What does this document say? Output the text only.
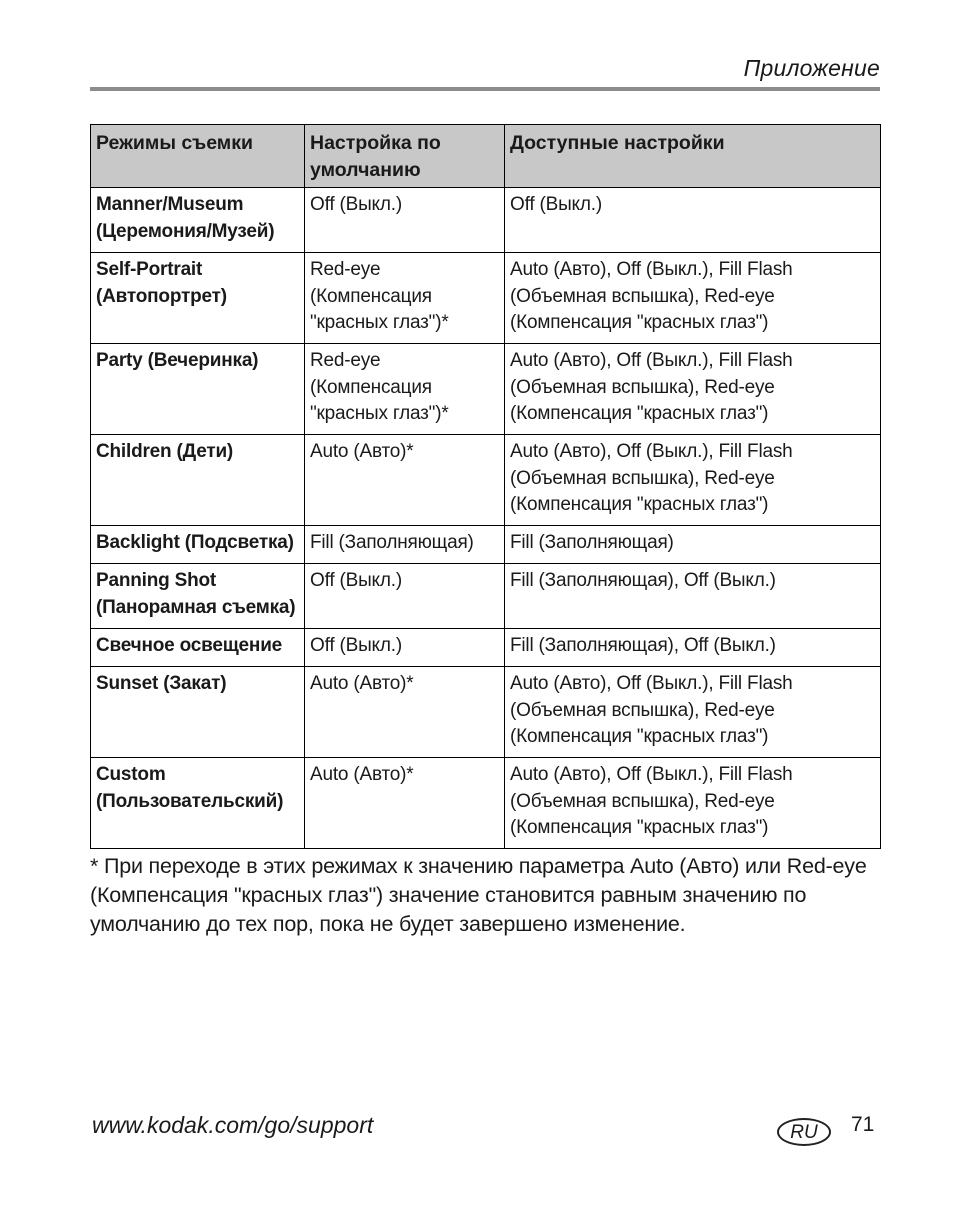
Приложение
Режимы съемки	Настройка по умолчанию	Доступные настройки
Manner/Museum (Церемония/Музей)	Off (Выкл.)	Off (Выкл.)
Self-Portrait (Автопортрет)	Red-eye (Компенсация "красных глаз")*	Auto (Авто), Off (Выкл.), Fill Flash (Объемная вспышка), Red-eye (Компенсация "красных глаз")
Party (Вечеринка)	Red-eye (Компенсация "красных глаз")*	Auto (Авто), Off (Выкл.), Fill Flash (Объемная вспышка), Red-eye (Компенсация "красных глаз")
Children (Дети)	Auto (Авто)*	Auto (Авто), Off (Выкл.), Fill Flash (Объемная вспышка), Red-eye (Компенсация "красных глаз")
Backlight (Подсветка)	Fill (Заполняющая)	Fill (Заполняющая)
Panning Shot (Панорамная съемка)	Off (Выкл.)	Fill (Заполняющая), Off (Выкл.)
Свечное освещение	Off (Выкл.)	Fill (Заполняющая), Off (Выкл.)
Sunset (Закат)	Auto (Авто)*	Auto (Авто), Off (Выкл.), Fill Flash (Объемная вспышка), Red-eye (Компенсация "красных глаз")
Custom (Пользовательский)	Auto (Авто)*	Auto (Авто), Off (Выкл.), Fill Flash (Объемная вспышка), Red-eye (Компенсация "красных глаз")
* При переходе в этих режимах к значению параметра Auto (Авто) или Red-eye (Компенсация "красных глаз") значение становится равным значению по умолчанию до тех пор, пока не будет завершено изменение.
www.kodak.com/go/support	RU	71
